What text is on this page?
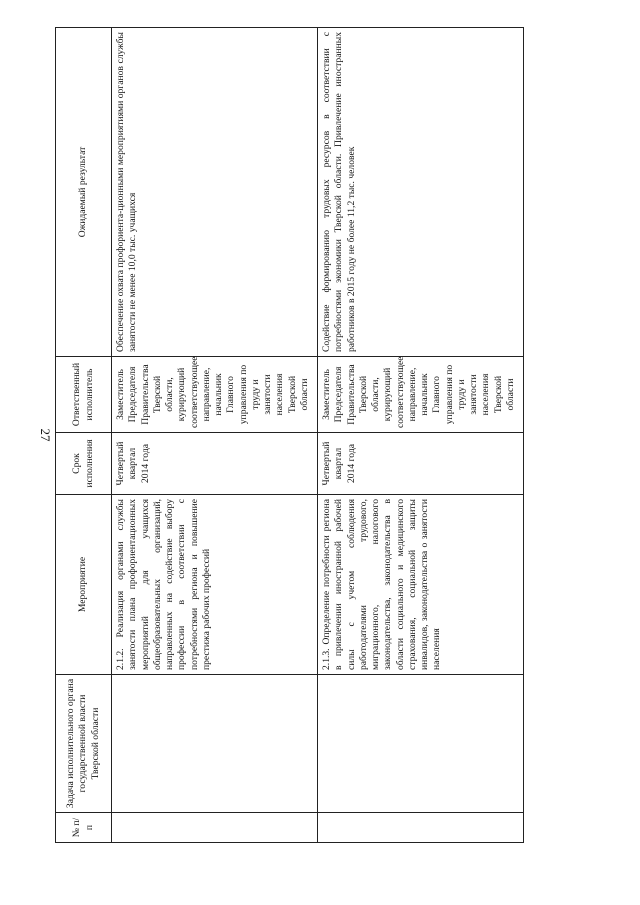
27
№ п/п	Задача исполнительного органа государственной власти Тверской области	Мероприятие	Срок исполнения	Ответственный исполнитель	Ожидаемый результат
		2.1.2. Реализация органами службы занятости плана профориентационных мероприятий для учащихся общеобразовательных организаций, направленных на содействие выбору профессии в соответствии с потребностями региона и повышение престижа рабочих профессий	Четвертый квартал 2014 года	Заместитель Председателя Правительства Тверской области, курирующий соответствующее направление, начальник Главного управления по труду и занятости населения Тверской области	Обеспечение охвата профориента-ционными мероприятиями органов службы занятости не менее 10,0 тыс. учащихся
		2.1.3. Определение потребности региона в привлечении иностранной рабочей силы с учетом соблюдения работодателями трудового, миграционного, налогового законодательства, законодательства в области социального и медицинского страхования, социальной защиты инвалидов, законодательства о занятости населения	Четвертый квартал 2014 года	Заместитель Председателя Правительства Тверской области, курирующий соответствующее направление, начальник Главного управления по труду и занятости населения Тверской области	Содействие формированию трудовых ресурсов в соответствии с потребностями экономики Тверской области. Привлечение иностранных работников в 2015 году не более 11,2 тыс. человек
